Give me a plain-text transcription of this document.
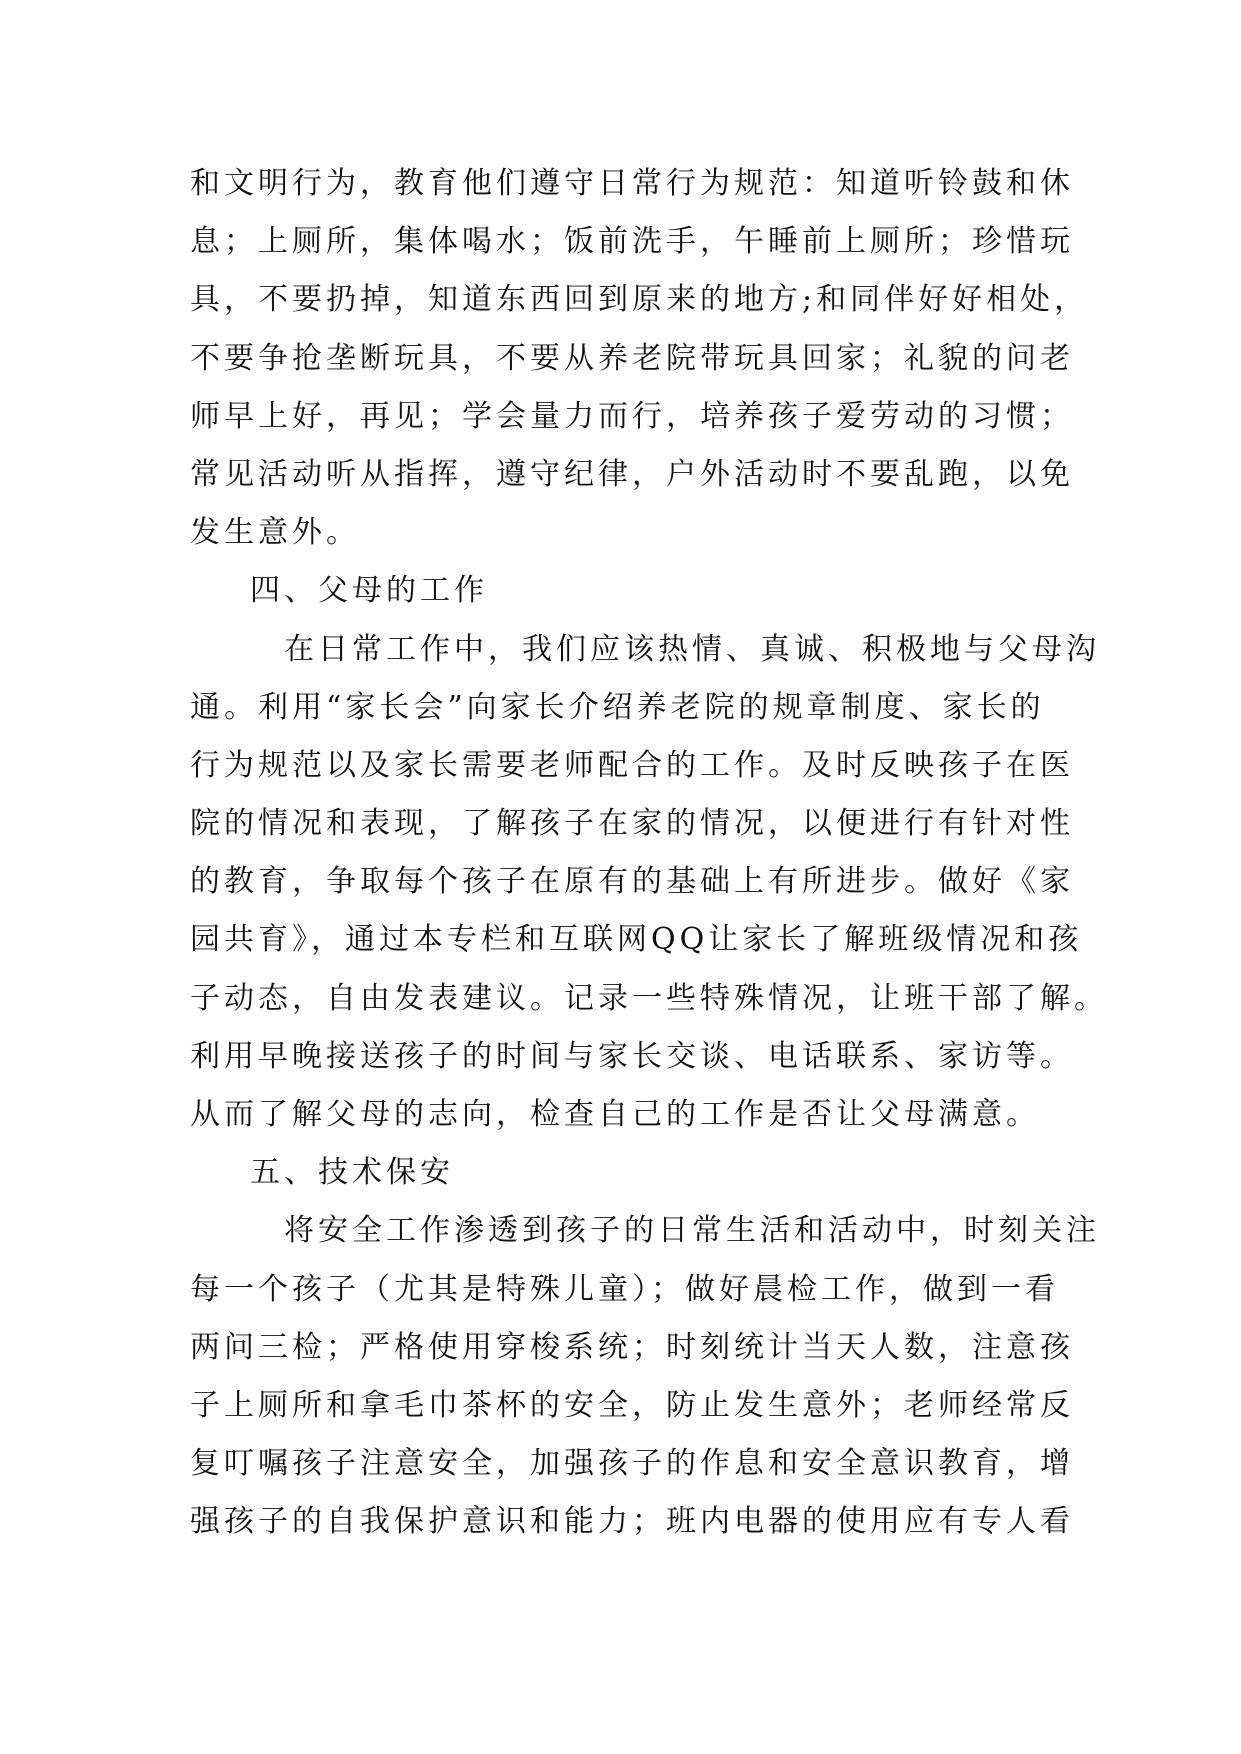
和文明行为，教育他们遵守日常行为规范：知道听铃鼓和休
息；上厕所，集体喝水；饭前洗手，午睡前上厕所；珍惜玩
具，不要扔掉，知道东西回到原来的地方;和同伴好好相处，
不要争抢垄断玩具，不要从养老院带玩具回家；礼貌的问老
师早上好，再见；学会量力而行，培养孩子爱劳动的习惯；
常见活动听从指挥，遵守纪律，户外活动时不要乱跑，以免
发生意外。
四、父母的工作
　在日常工作中，我们应该热情、真诚、积极地与父母沟
通。利用“家长会”向家长介绍养老院的规章制度、家长的
行为规范以及家长需要老师配合的工作。及时反映孩子在医
院的情况和表现，了解孩子在家的情况，以便进行有针对性
的教育，争取每个孩子在原有的基础上有所进步。做好《家
园共育》，通过本专栏和互联网QQ让家长了解班级情况和孩
子动态，自由发表建议。记录一些特殊情况，让班干部了解。
利用早晚接送孩子的时间与家长交谈、电话联系、家访等。
从而了解父母的志向，检查自己的工作是否让父母满意。
五、技术保安
　将安全工作渗透到孩子的日常生活和活动中，时刻关注
每一个孩子（尤其是特殊儿童）；做好晨检工作，做到一看
两问三检；严格使用穿梭系统；时刻统计当天人数，注意孩
子上厕所和拿毛巾茶杯的安全，防止发生意外；老师经常反
复叮嘱孩子注意安全，加强孩子的作息和安全意识教育，增
强孩子的自我保护意识和能力；班内电器的使用应有专人看
